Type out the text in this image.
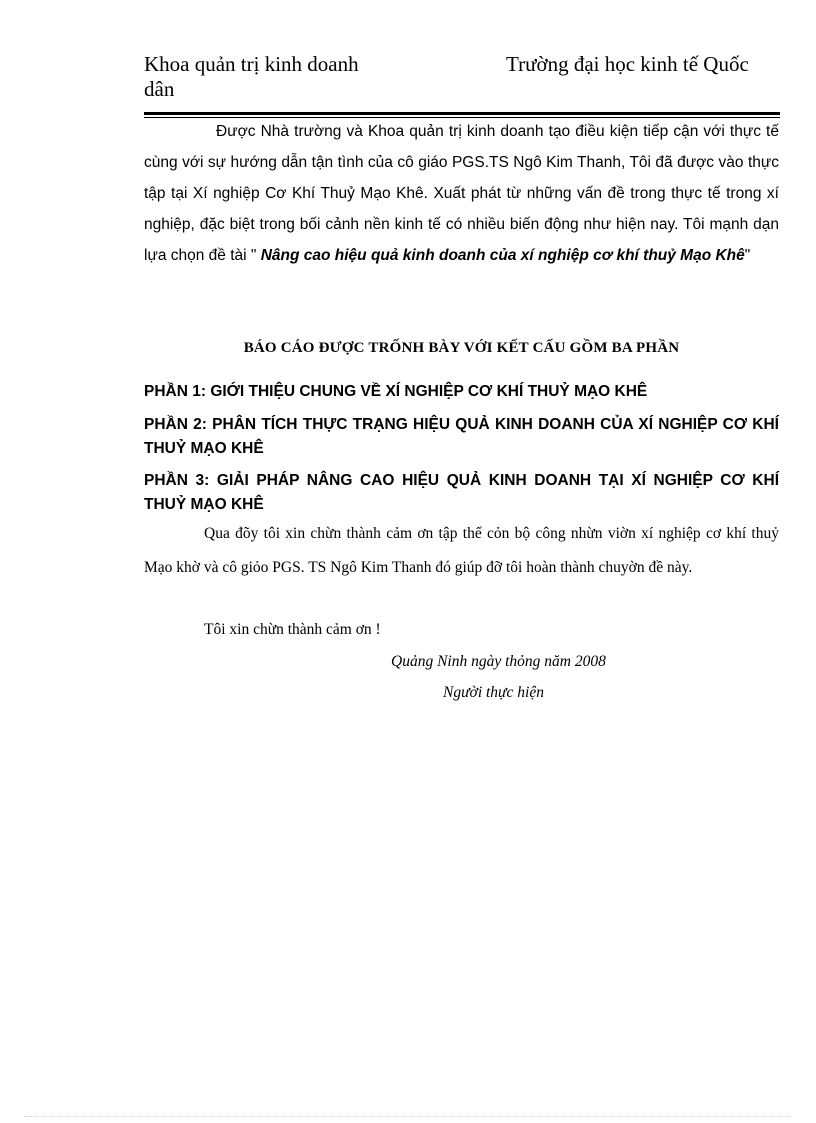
Khoa quản trị kinh doanh	Trường đại học kinh tế Quốc
dân

Được Nhà trường và Khoa quản trị kinh doanh tạo điều kiện tiếp cận với thực tế cùng với sự hướng dẫn tận tình của cô giáo PGS.TS Ngô Kim Thanh, Tôi đã được vào thực tập tại Xí nghiệp Cơ Khí Thuỷ Mạo Khê. Xuất phát từ những vấn đề trong thực tế trong xí nghiệp, đặc biệt trong bối cảnh nền kinh tế có nhiều biến động như hiện nay. Tôi mạnh dạn lựa chọn đề tài " Nâng cao hiệu quả kinh doanh của xí nghiệp cơ khí thuỷ Mạo Khê"

BÁO CÁO ĐƯỢC TRỐNH BÀY VỚI KẾT CẤU GỒM BA PHẦN

PHẦN 1: GIỚI THIỆU CHUNG VỀ XÍ NGHIỆP CƠ KHÍ THUỶ MẠO KHÊ

PHẦN 2: PHÂN TÍCH THỰC TRẠNG HIỆU QUẢ KINH DOANH CỦA XÍ NGHIỆP CƠ KHÍ THUỶ MẠO KHÊ

PHẦN 3: GIẢI PHÁP NÂNG CAO HIỆU QUẢ KINH DOANH TẠI XÍ NGHIỆP CƠ KHÍ THUỶ MẠO KHÊ

Qua đõy tôi xin chừn thành cảm ơn tập thể cỏn bộ công nhừn viờn xí nghiệp cơ khí thuỷ Mạo khờ và cô giỏo PGS. TS Ngô Kim Thanh đó giúp đỡ tôi hoàn thành chuyờn đề này.

Tôi xin chừn thành cảm ơn !

Quảng Ninh ngày thỏng năm 2008

Người thực hiện
